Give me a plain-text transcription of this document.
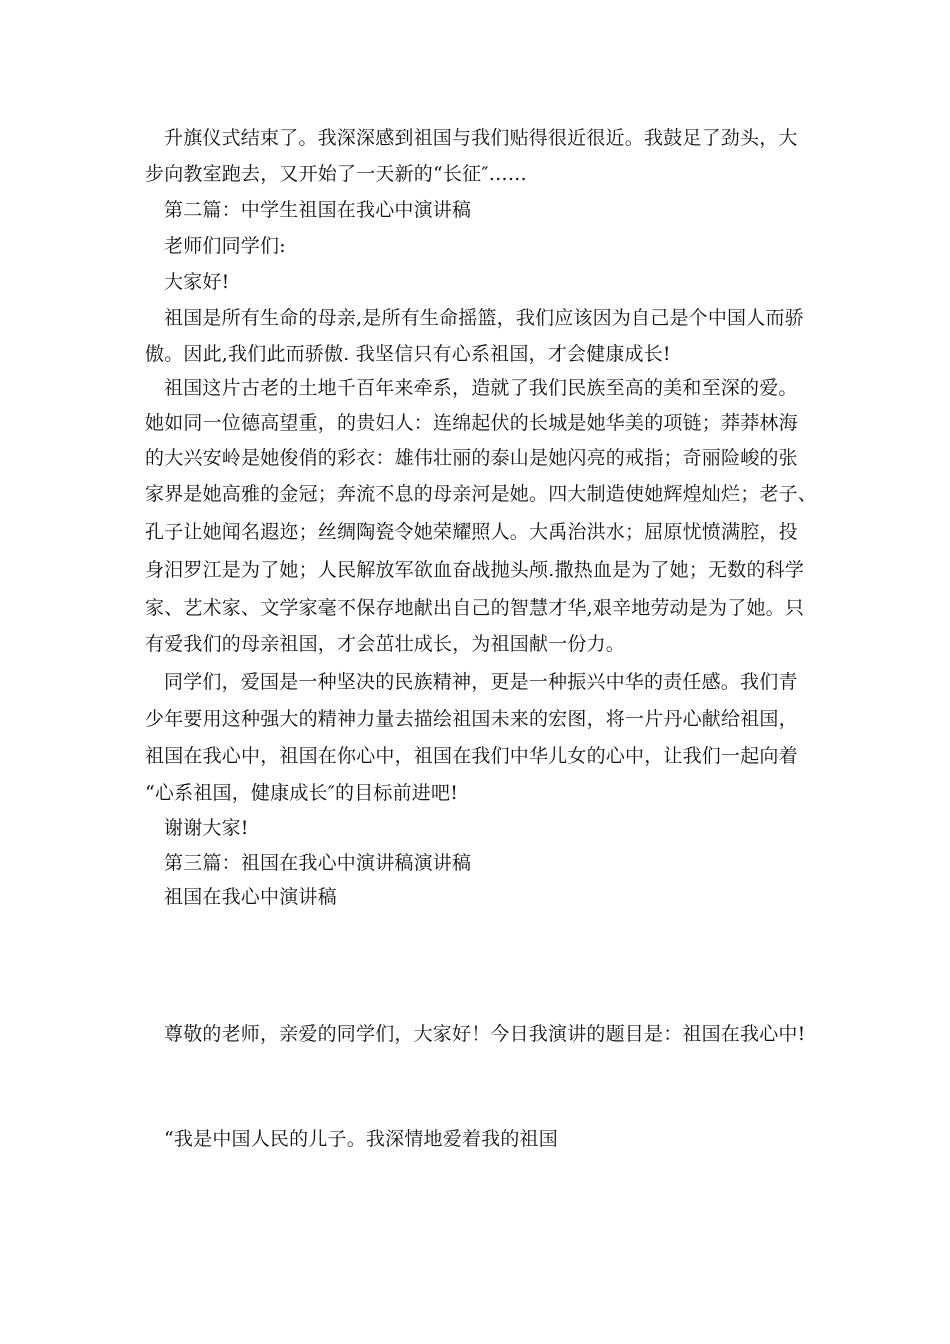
升旗仪式结束了。我深深感到祖国与我们贴得很近很近。我鼓足了劲头，大
步向教室跑去，又开始了一天新的“长征″……
第二篇：中学生祖国在我心中演讲稿
老师们同学们:
大家好!
祖国是所有生命的母亲,是所有生命摇篮，我们应该因为自己是个中国人而骄
傲。因此,我们此而骄傲. 我坚信只有心系祖国，才会健康成长!
祖国这片古老的土地千百年来牵系，造就了我们民族至高的美和至深的爱。
她如同一位德高望重，的贵妇人：连绵起伏的长城是她华美的项链；莽莽林海
的大兴安岭是她俊俏的彩衣：雄伟壮丽的泰山是她闪亮的戒指；奇丽险峻的张
家界是她高雅的金冠；奔流不息的母亲河是她。四大制造使她辉煌灿烂；老子、
孔子让她闻名遐迩；丝绸陶瓷令她荣耀照人。大禹治洪水；屈原忧愤满腔，投
身汨罗江是为了她；人民解放军欲血奋战抛头颅.撒热血是为了她；无数的科学
家、艺术家、文学家毫不保存地献出自己的智慧才华,艰辛地劳动是为了她。只
有爱我们的母亲祖国，才会茁壮成长，为祖国献一份力。
同学们，爱国是一种坚决的民族精神，更是一种振兴中华的责任感。我们青
少年要用这种强大的精神力量去描绘祖国未来的宏图，将一片丹心献给祖国，
祖国在我心中，祖国在你心中，祖国在我们中华儿女的心中，让我们一起向着
“心系祖国，健康成长″的目标前进吧!
谢谢大家!
第三篇：祖国在我心中演讲稿演讲稿
祖国在我心中演讲稿
尊敬的老师，亲爱的同学们，大家好！今日我演讲的题目是：祖国在我心中!
“我是中国人民的儿子。我深情地爱着我的祖国
